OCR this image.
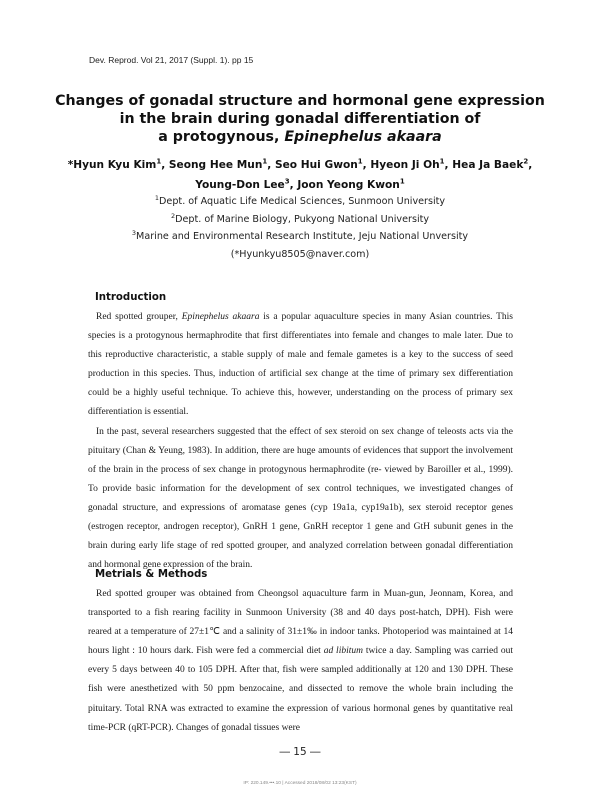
Dev. Reprod. Vol 21, 2017 (Suppl. 1). pp 15
Changes of gonadal structure and hormonal gene expression
in the brain during gonadal differentiation of
a protogynous, Epinephelus akaara
*Hyun Kyu Kim$^1$, Seong Hee Mun$^1$, Seo Hui Gwon$^1$, Hyeon Ji Oh$^1$, Hea Ja Baek$^2$,
Young-Don Lee$^3$, Joon Yeong Kwon$^1$
$^1$Dept. of Aquatic Life Medical Sciences, Sunmoon University
$^2$Dept. of Marine Biology, Pukyong National University
$^3$Marine and Environmental Research Institute, Jeju National Unversity
(*Hyunkyu8505@naver.com)
Introduction

Red spotted grouper, Epinephelus akaara is a popular aquaculture species in many Asian countries. This species is a protogynous hermaphrodite that first differentiates into female and changes to male later. Due to this reproductive characteristic, a stable supply of male and female gametes is a key to the success of seed production in this species. Thus, induction of artificial sex change at the time of primary sex differentiation could be a highly useful technique. To achieve this, however, understanding on the process of primary sex differentiation is essential.

In the past, several researchers suggested that the effect of sex steroid on sex change of teleosts acts via the pituitary (Chan & Yeung, 1983). In addition, there are huge amounts of evidences that support the involvement of the brain in the process of sex change in protogynous hermaphrodite (re- viewed by Baroiller et al., 1999). To provide basic information for the development of sex control techniques, we investigated changes of gonadal structure, and expressions of aromatase genes (cyp 19a1a, cyp19a1b), sex steroid receptor genes (estrogen receptor, androgen receptor), GnRH 1 gene, GnRH receptor 1 gene and GtH subunit genes in the brain during early life stage of red spotted grouper, and analyzed correlation between gonadal differentiation and hormonal gene expression of the brain.

Metrials & Methods

Red spotted grouper was obtained from Cheongsol aquaculture farm in Muan-gun, Jeonnam, Korea, and transported to a fish rearing facility in Sunmoon University (38 and 40 days post-hatch, DPH). Fish were reared at a temperature of 27±1℃ and a salinity of 31±1‰ in indoor tanks. Photoperiod was maintained at 14 hours light : 10 hours dark. Fish were fed a commercial diet ad libitum twice a day. Sampling was carried out every 5 days between 40 to 105 DPH. After that, fish were sampled additionally at 120 and 130 DPH. These fish were anesthetized with 50 ppm benzocaine, and dissected to remove the whole brain including the pituitary. Total RNA was extracted to examine the expression of various hormonal genes by quantitative real time-PCR (qRT-PCR). Changes of gonadal tissues were

― 15 ―
IP: 220.149.•••.10 | Accessed 2018/08/02 13:23(KST)
